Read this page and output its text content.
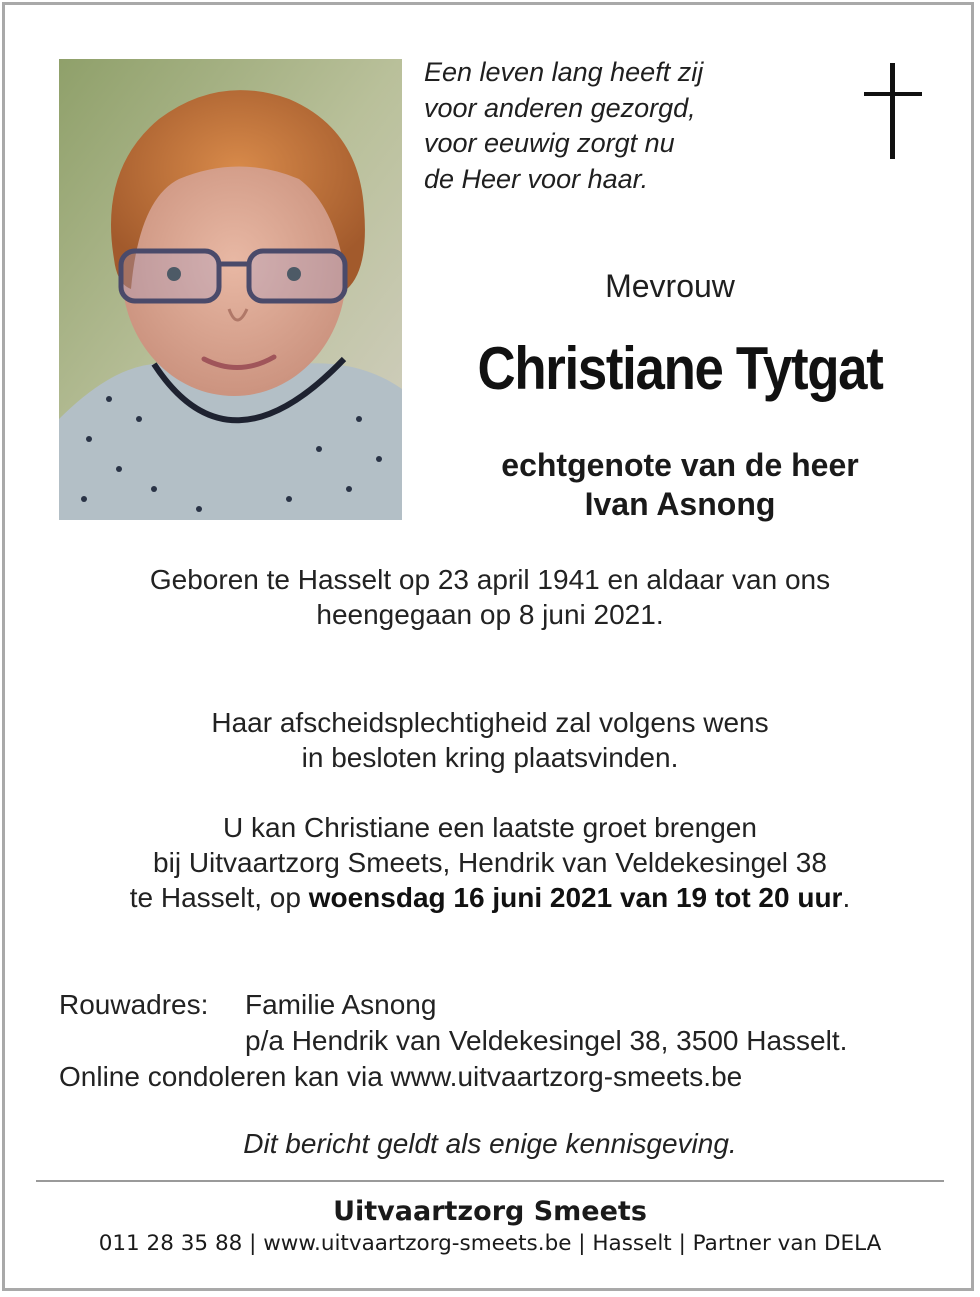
Een leven lang heeft zij
voor anderen gezorgd,
voor eeuwig zorgt nu
de Heer voor haar.

Mevrouw
Christiane Tytgat
echtgenote van de heer
Ivan Asnong
Geboren te Hasselt op 23 april 1941 en aldaar van ons
heengegaan op 8 juni 2021.
Haar afscheidsplechtigheid zal volgens wens
in besloten kring plaatsvinden.
U kan Christiane een laatste groet brengen
bij Uitvaartzorg Smeets, Hendrik van Veldekesingel 38
te Hasselt, op woensdag 16 juni 2021 van 19 tot 20 uur.
Rouwadres: Familie Asnong
p/a Hendrik van Veldekesingel 38, 3500 Hasselt.
Online condoleren kan via www.uitvaartzorg-smeets.be
Dit bericht geldt als enige kennisgeving.
Uitvaartzorg Smeets
011 28 35 88 | www.uitvaartzorg-smeets.be | Hasselt | Partner van DELA
